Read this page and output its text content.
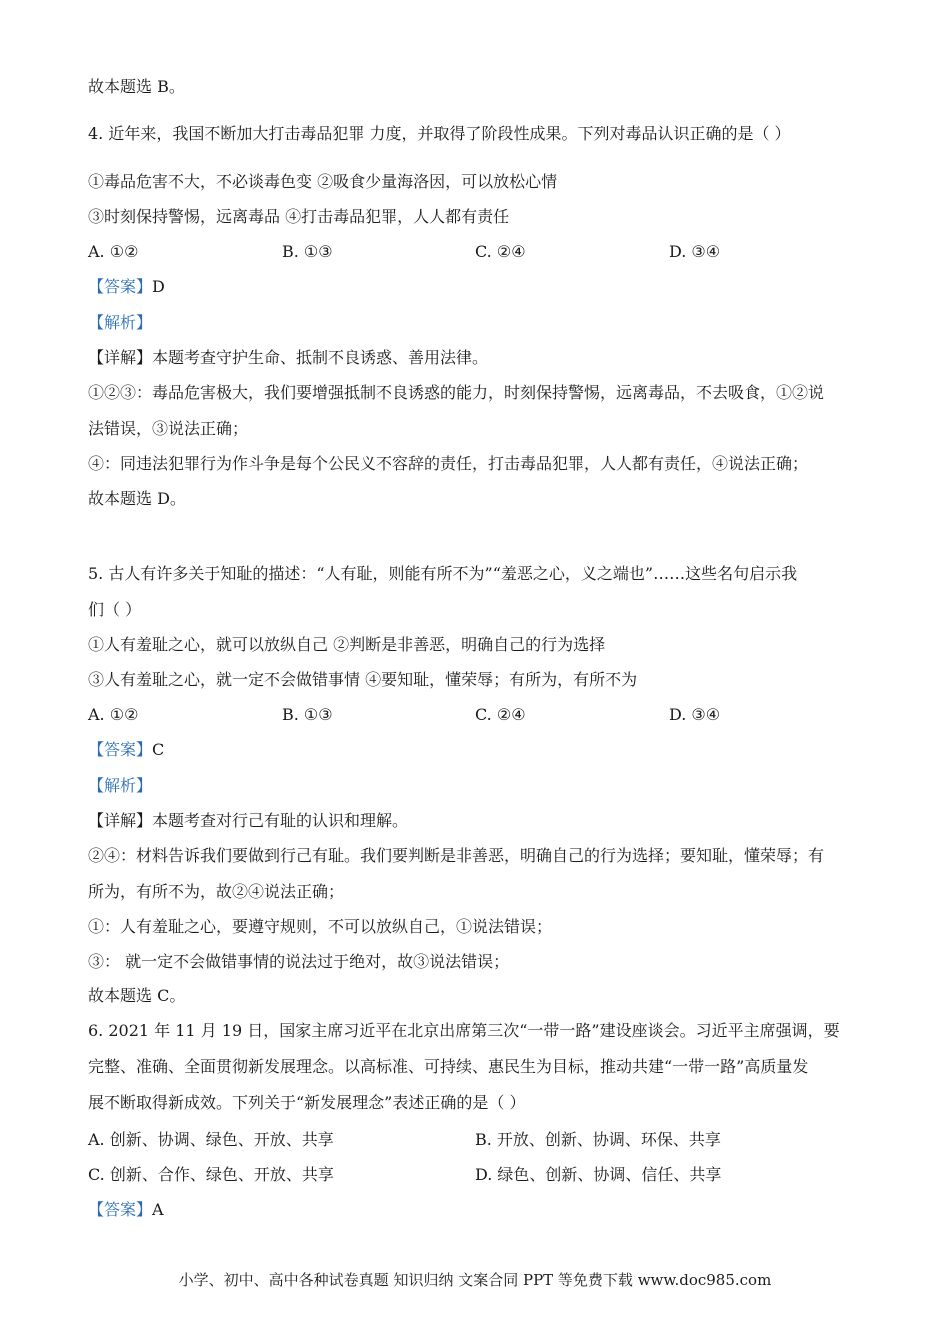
故本题选 B。
4. 近年来，我国不断加大打击毒品犯罪 力度，并取得了阶段性成果。下列对毒品认识正确的是（ ）
①毒品危害不大，不必谈毒色变 ②吸食少量海洛因，可以放松心情
③时刻保持警惕，远离毒品 ④打击毒品犯罪，人人都有责任
A. ①②	B. ①③	C. ②④	D. ③④
【答案】D
【解析】
【详解】本题考查守护生命、抵制不良诱惑、善用法律。
①②③：毒品危害极大，我们要增强抵制不良诱惑的能力，时刻保持警惕，远离毒品，不去吸食，①②说
法错误，③说法正确；
④：同违法犯罪行为作斗争是每个公民义不容辞的责任，打击毒品犯罪，人人都有责任，④说法正确；
故本题选 D。
5. 古人有许多关于知耻的描述：“人有耻，则能有所不为”“羞恶之心，义之端也”……这些名句启示我
们（ ）
①人有羞耻之心，就可以放纵自己 ②判断是非善恶，明确自己的行为选择
③人有羞耻之心，就一定不会做错事情 ④要知耻，懂荣辱；有所为，有所不为
A. ①②	B. ①③	C. ②④	D. ③④
【答案】C
【解析】
【详解】本题考查对行己有耻的认识和理解。
②④：材料告诉我们要做到行己有耻。我们要判断是非善恶，明确自己的行为选择；要知耻，懂荣辱；有
所为，有所不为，故②④说法正确；
①：人有羞耻之心，要遵守规则，不可以放纵自己，①说法错误；
③： 就一定不会做错事情的说法过于绝对，故③说法错误；
故本题选 C。
6. 2021 年 11 月 19 日，国家主席习近平在北京出席第三次“一带一路”建设座谈会。习近平主席强调，要
完整、准确、全面贯彻新发展理念。以高标准、可持续、惠民生为目标，推动共建“一带一路”高质量发
展不断取得新成效。下列关于“新发展理念”表述正确的是（ ）
A. 创新、协调、绿色、开放、共享	B. 开放、创新、协调、环保、共享
C. 创新、合作、绿色、开放、共享	D. 绿色、创新、协调、信任、共享
【答案】A
小学、初中、高中各种试卷真题 知识归纳 文案合同 PPT 等免费下载 www.doc985.com
